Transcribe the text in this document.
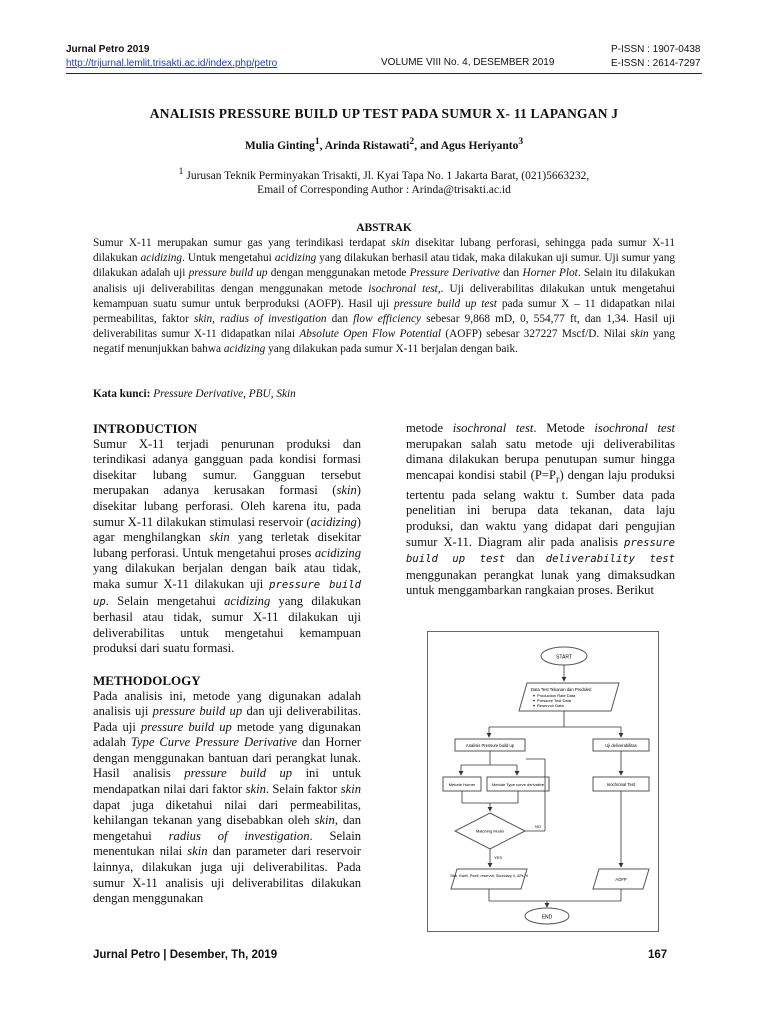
Jurnal Petro 2019
http://trijurnal.lemlit.trisakti.ac.id/index.php/petro	VOLUME VIII No. 4, DESEMBER 2019
P-ISSN : 1907-0438
E-ISSN : 2614-7297
ANALISIS PRESSURE BUILD UP TEST PADA SUMUR X- 11 LAPANGAN J
Mulia Ginting$^1$, Arinda Ristawati$^2$, and Agus Heriyanto$^3$
$^1$ Jurusan Teknik Perminyakan Trisakti, Jl. Kyai Tapa No. 1 Jakarta Barat, (021)5663232,
Email of Corresponding Author : Arinda@trisakti.ac.id
ABSTRAK
Sumur X-11 merupakan sumur gas yang terindikasi terdapat skin disekitar lubang perforasi, sehingga pada sumur X-11 dilakukan acidizing. Untuk mengetahui acidizing yang dilakukan berhasil atau tidak, maka dilakukan uji sumur. Uji sumur yang dilakukan adalah uji pressure build up dengan menggunakan metode Pressure Derivative dan Horner Plot. Selain itu dilakukan analisis uji deliverabilitas dengan menggunakan metode isochronal test,. Uji deliverabilitas dilakukan untuk mengetahui kemampuan suatu sumur untuk berproduksi (AOFP). Hasil uji pressure build up test pada sumur X – 11 didapatkan nilai permeabilitas, faktor skin, radius of investigation dan flow efficiency sebesar 9,868 mD, 0, 554,77 ft, dan 1,34. Hasil uji deliverabilitas sumur X-11 didapatkan nilai Absolute Open Flow Potential (AOFP) sebesar 327227 Mscf/D. Nilai skin yang negatif menunjukkan bahwa acidizing yang dilakukan pada sumur X-11 berjalan dengan baik.
Kata kunci: Pressure Derivative, PBU, Skin

INTRODUCTION

Sumur X-11 terjadi penurunan produksi dan terindikasi adanya gangguan pada kondisi formasi disekitar lubang sumur. Gangguan tersebut merupakan adanya kerusakan formasi (skin) disekitar lubang perforasi. Oleh karena itu, pada sumur X-11 dilakukan stimulasi reservoir (acidizing) agar menghilangkan skin yang terletak disekitar lubang perforasi. Untuk mengetahui proses acidizing yang dilakukan berjalan dengan baik atau tidak, maka sumur X-11 dilakukan uji pressure build up. Selain mengetahui acidizing yang dilakukan berhasil atau tidak, sumur X-11 dilakukan uji deliverabilitas untuk mengetahui kemampuan produksi dari suatu formasi.

METHODOLOGY

Pada analisis ini, metode yang digunakan adalah analisis uji pressure build up dan uji deliverabilitas. Pada uji pressure build up metode yang digunakan adalah Type Curve Pressure Derivative dan Horner dengan menggunakan bantuan dari perangkat lunak. Hasil analisis pressure build up ini untuk mendapatkan nilai dari faktor skin. Selain faktor skin dapat juga diketahui nilai dari permeabilitas, kehilangan tekanan yang disebabkan oleh skin, dan mengetahui radius of investigation. Selain menentukan nilai skin dan parameter dari reservoir lainnya, dilakukan juga uji deliverabilitas. Pada sumur X-11 analisis uji deliverabilitas dilakukan dengan menggunakan

metode isochronal test. Metode isochronal test merupakan salah satu metode uji deliverabilitas dimana dilakukan berupa penutupan sumur hingga mencapai kondisi stabil $(P=P_r)$ dengan laju produksi tertentu pada selang waktu t. Sumber data pada penelitian ini berupa data tekanan, data laju produksi, dan waktu yang didapat dari pengujian sumur X-11. Diagram alir pada analisis pressure build up test dan deliverability test menggunakan perangkat lunak yang dimaksudkan untuk menggambarkan rangkaian proses. Berikut

START
Data Test Tekanan dan Produksi:
Production Rate Data
Pressure Test Data
Reservoir Data
Analisis Pressure build up	Uji deliverabilitas
Metode Horner	Metode Type curve derivative	Isochronal Test
Matching Model
NO
YES
Skin, Kwell, Pwell, reservoir, Boundary, k, ΔPs, ri
AOFP
END
Jurnal Petro | Desember, Th, 2019	167
